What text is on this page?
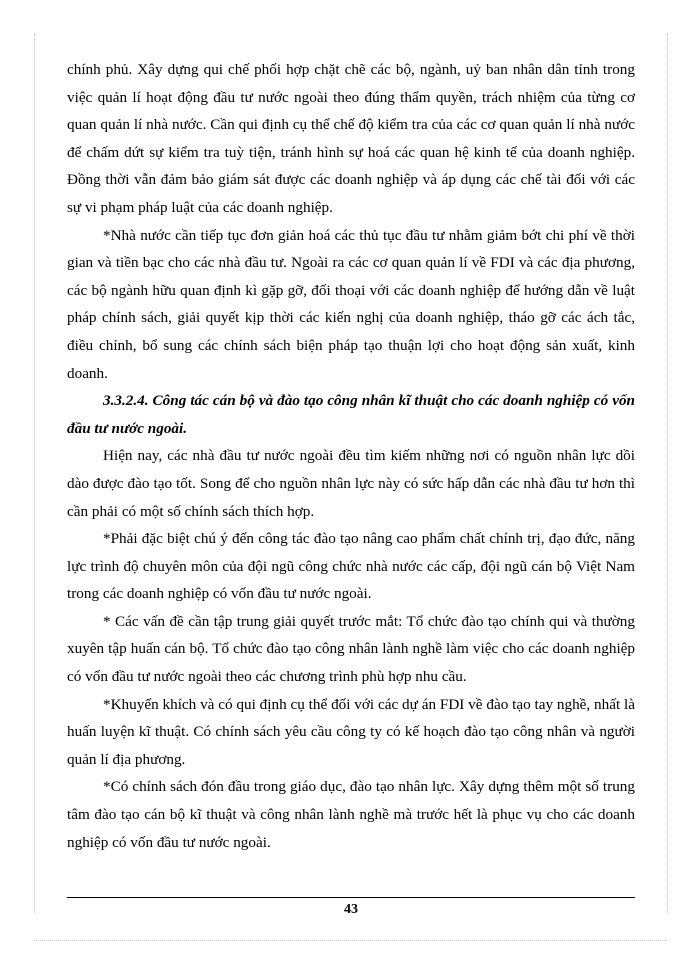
chính phủ. Xây dựng qui chế phối hợp chặt chẽ các bộ, ngành, uỷ ban nhân dân tỉnh trong việc quản lí hoạt động đầu tư nước ngoài theo đúng thẩm quyền, trách nhiệm của từng cơ quan quản lí nhà nước. Cần qui định cụ thể chế độ kiểm tra của các cơ quan quản lí nhà nước để chấm dứt sự kiểm tra tuỳ tiện, tránh hình sự hoá các quan hệ kinh tế của doanh nghiệp. Đồng thời vẫn đảm bảo giám sát được các doanh nghiệp và áp dụng các chế tài đối với các sự vi phạm pháp luật của các doanh nghiệp.

*Nhà nước cần tiếp tục đơn giản hoá các thủ tục đầu tư nhằm giảm bớt chi phí về thời gian và tiền bạc cho các nhà đầu tư. Ngoài ra các cơ quan quản lí về FDI và các địa phương, các bộ ngành hữu quan định kì gặp gỡ, đối thoại với các doanh nghiệp để hướng dẫn về luật pháp chính sách, giải quyết kịp thời các kiến nghị của doanh nghiệp, tháo gỡ các ách tắc, điều chỉnh, bổ sung các chính sách biện pháp tạo thuận lợi cho hoạt động sản xuất, kinh doanh.

3.3.2.4. Công tác cán bộ và đào tạo công nhân kĩ thuật cho các doanh nghiệp có vốn đầu tư nước ngoài.

Hiện nay, các nhà đầu tư nước ngoài đều tìm kiếm những nơi có nguồn nhân lực dồi dào được đào tạo tốt. Song để cho nguồn nhân lực này có sức hấp dẫn các nhà đầu tư hơn thì cần phải có một số chính sách thích hợp.

*Phải đặc biệt chú ý đến công tác đào tạo nâng cao phẩm chất chính trị, đạo đức, năng lực trình độ chuyên môn của đội ngũ công chức nhà nước các cấp, đội ngũ cán bộ Việt Nam trong các doanh nghiệp có vốn đầu tư nước ngoài.

* Các vấn đề cần tập trung giải quyết trước mắt: Tổ chức đào tạo chính qui và thường xuyên tập huấn cán bộ. Tổ chức đào tạo công nhân lành nghề làm việc cho các doanh nghiệp có vốn đầu tư nước ngoài theo các chương trình phù hợp nhu cầu.

*Khuyến khích và có qui định cụ thể đối với các dự án FDI về đào tạo tay nghề, nhất là huấn luyện kĩ thuật. Có chính sách yêu cầu công ty có kế hoạch đào tạo công nhân và người quản lí địa phương.

*Có chính sách đón đầu trong giáo dục, đào tạo nhân lực. Xây dựng thêm một số trung tâm đào tạo cán bộ kĩ thuật và công nhân lành nghề mà trước hết là phục vụ cho các doanh nghiệp có vốn đầu tư nước ngoài.

43
